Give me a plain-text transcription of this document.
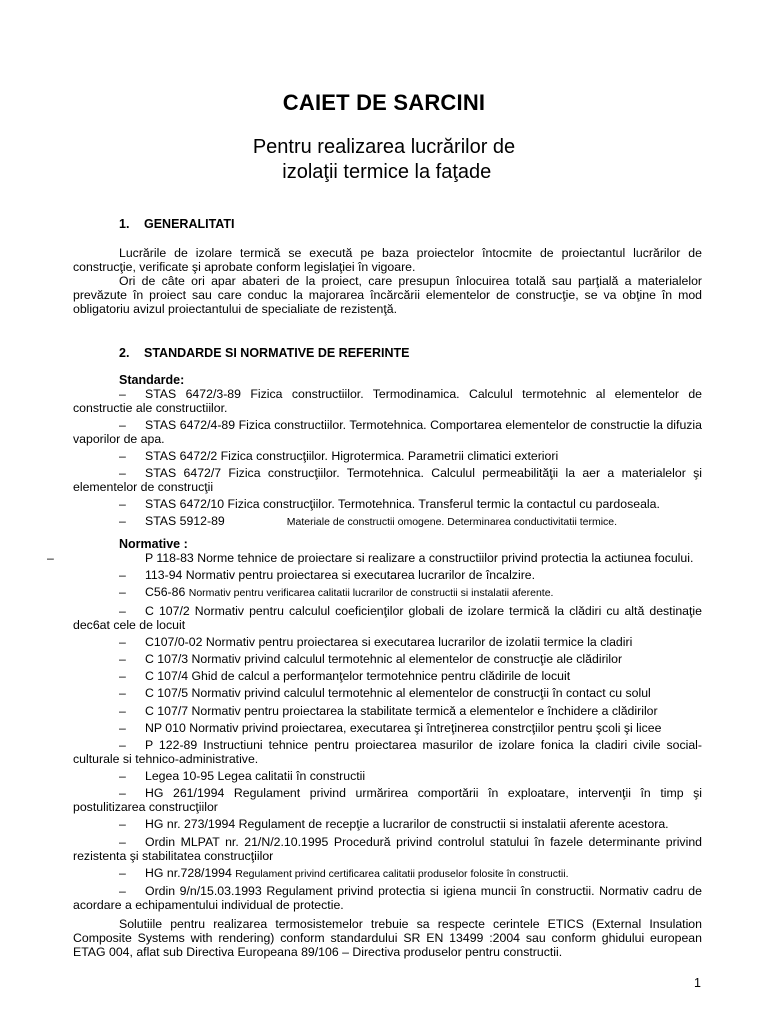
CAIET DE SARCINI
Pentru realizarea lucrărilor de
izolaţii termice la faţade
1. GENERALITATI

Lucrările de izolare termică se execută pe baza proiectelor întocmite de proiectantul lucrărilor de construcţie, verificate şi aprobate conform legislaţiei în vigoare.

Ori de câte ori apar abateri de la proiect, care presupun înlocuirea totală sau parţială a materialelor prevăzute în proiect sau care conduc la majorarea încărcării elementelor de construcţie, se va obţine în mod obligatoriu avizul proiectantului de specialiate de rezistenţă.

2. STANDARDE SI NORMATIVE DE REFERINTE
Standarde:
– STAS 6472/3-89 Fizica constructiilor. Termodinamica. Calculul termotehnic al elementelor de constructie ale constructiilor.
– STAS 6472/4-89 Fizica constructiilor. Termotehnica. Comportarea elementelor de constructie la difuzia vaporilor de apa.
– STAS 6472/2 Fizica construcţiilor. Higrotermica. Parametrii climatici exteriori
– STAS 6472/7 Fizica construcţiilor. Termotehnica. Calculul permeabilităţii la aer a materialelor şi elementelor de construcţii
– STAS 6472/10 Fizica construcţiilor. Termotehnica. Transferul termic la contactul cu pardoseala.
– STAS 5912-89	Materiale de constructii omogene. Determinarea conductivitatii termice.
Normative :
–	P 118-83 Norme tehnice de proiectare si realizare a constructiilor privind protectia la actiunea focului.
– 113-94 Normativ pentru proiectarea si executarea lucrarilor de încalzire.
– C56-86 Normativ pentru verificarea calitatii lucrarilor de constructii si instalatii aferente.
– C 107/2 Normativ pentru calculul coeficienţilor globali de izolare termică la clădiri cu altă destinaţie dec6at cele de locuit
– C107/0-02 Normativ pentru proiectarea si executarea lucrarilor de izolatii termice la cladiri
– C 107/3 Normativ privind calculul termotehnic al elementelor de construcţie ale clădirilor
– C 107/4 Ghid de calcul a performanţelor termotehnice pentru clădirile de locuit
– C 107/5 Normativ privind calculul termotehnic al elementelor de construcţii în contact cu solul
– C 107/7 Normativ pentru proiectarea la stabilitate termică a elementelor e închidere a clădirilor
– NP 010 Normativ privind proiectarea, executarea şi întreţinerea constrcţiilor pentru şcoli şi licee
– P 122-89 Instructiuni tehnice pentru proiectarea masurilor de izolare fonica la cladiri civile social-culturale si tehnico-administrative.
– Legea 10-95 Legea calitatii în constructii
– HG 261/1994 Regulament privind urmărirea comportării în exploatare, intervenţii în timp şi postulitizarea construcţiilor
– HG nr. 273/1994 Regulament de recepţie a lucrarilor de constructii si instalatii aferente acestora.
– Ordin MLPAT nr. 21/N/2.10.1995 Procedură privind controlul statului în fazele determinante privind rezistenta şi stabilitatea construcţiilor
– HG nr.728/1994 Regulament privind certificarea calitatii produselor folosite în constructii.
– Ordin 9/n/15.03.1993 Regulament privind protectia si igiena muncii în constructii. Normativ cadru de acordare a echipamentului individual de protectie.

Solutiile pentru realizarea termosistemelor trebuie sa respecte cerintele ETICS (External Insulation Composite Systems with rendering) conform standardului SR EN 13499 :2004 sau conform ghidului european ETAG 004, aflat sub Directiva Europeana 89/106 – Directiva produselor pentru constructii.

1
